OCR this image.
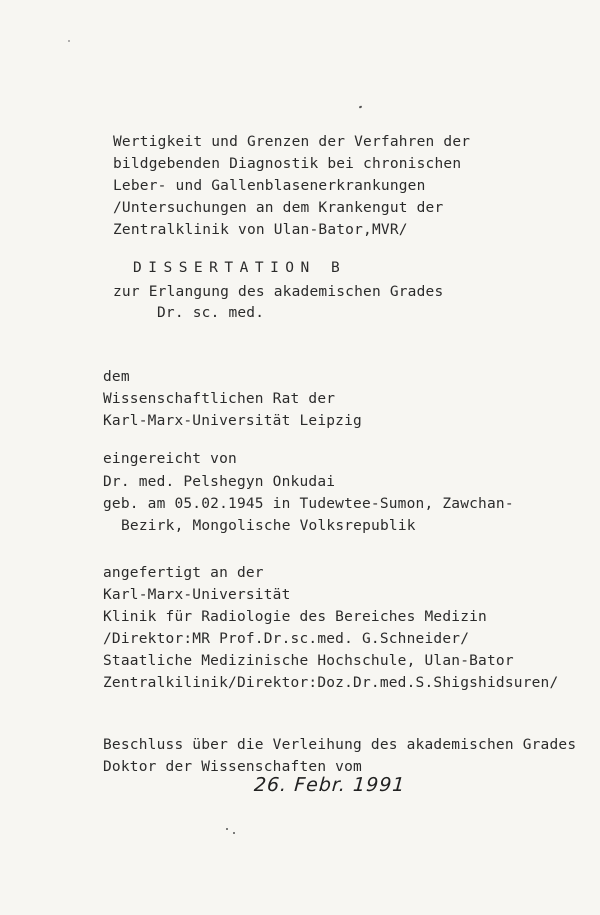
Wertigkeit und Grenzen der Verfahren der
bildgebenden Diagnostik bei chronischen
Leber- und Gallenblasenerkrankungen
/Untersuchungen an dem Krankengut der
Zentralklinik von Ulan-Bator,MVR/
DISSERTATION B
zur Erlangung des akademischen Grades
Dr. sc. med.
dem
Wissenschaftlichen Rat der
Karl-Marx-Universität Leipzig
eingereicht von
Dr. med. Pelshegyn Onkudai
geb. am 05.02.1945 in Tudewtee-Sumon, Zawchan-
Bezirk, Mongolische Volksrepublik
angefertigt an der
Karl-Marx-Universität
Klinik für Radiologie des Bereiches Medizin
/Direktor:MR Prof.Dr.sc.med. G.Schneider/
Staatliche Medizinische Hochschule, Ulan-Bator
Zentralkilinik/Direktor:Doz.Dr.med.S.Shigshidsuren/
Beschluss über die Verleihung des akademischen Grades
Doktor der Wissenschaften vom
26. Febr. 1991
